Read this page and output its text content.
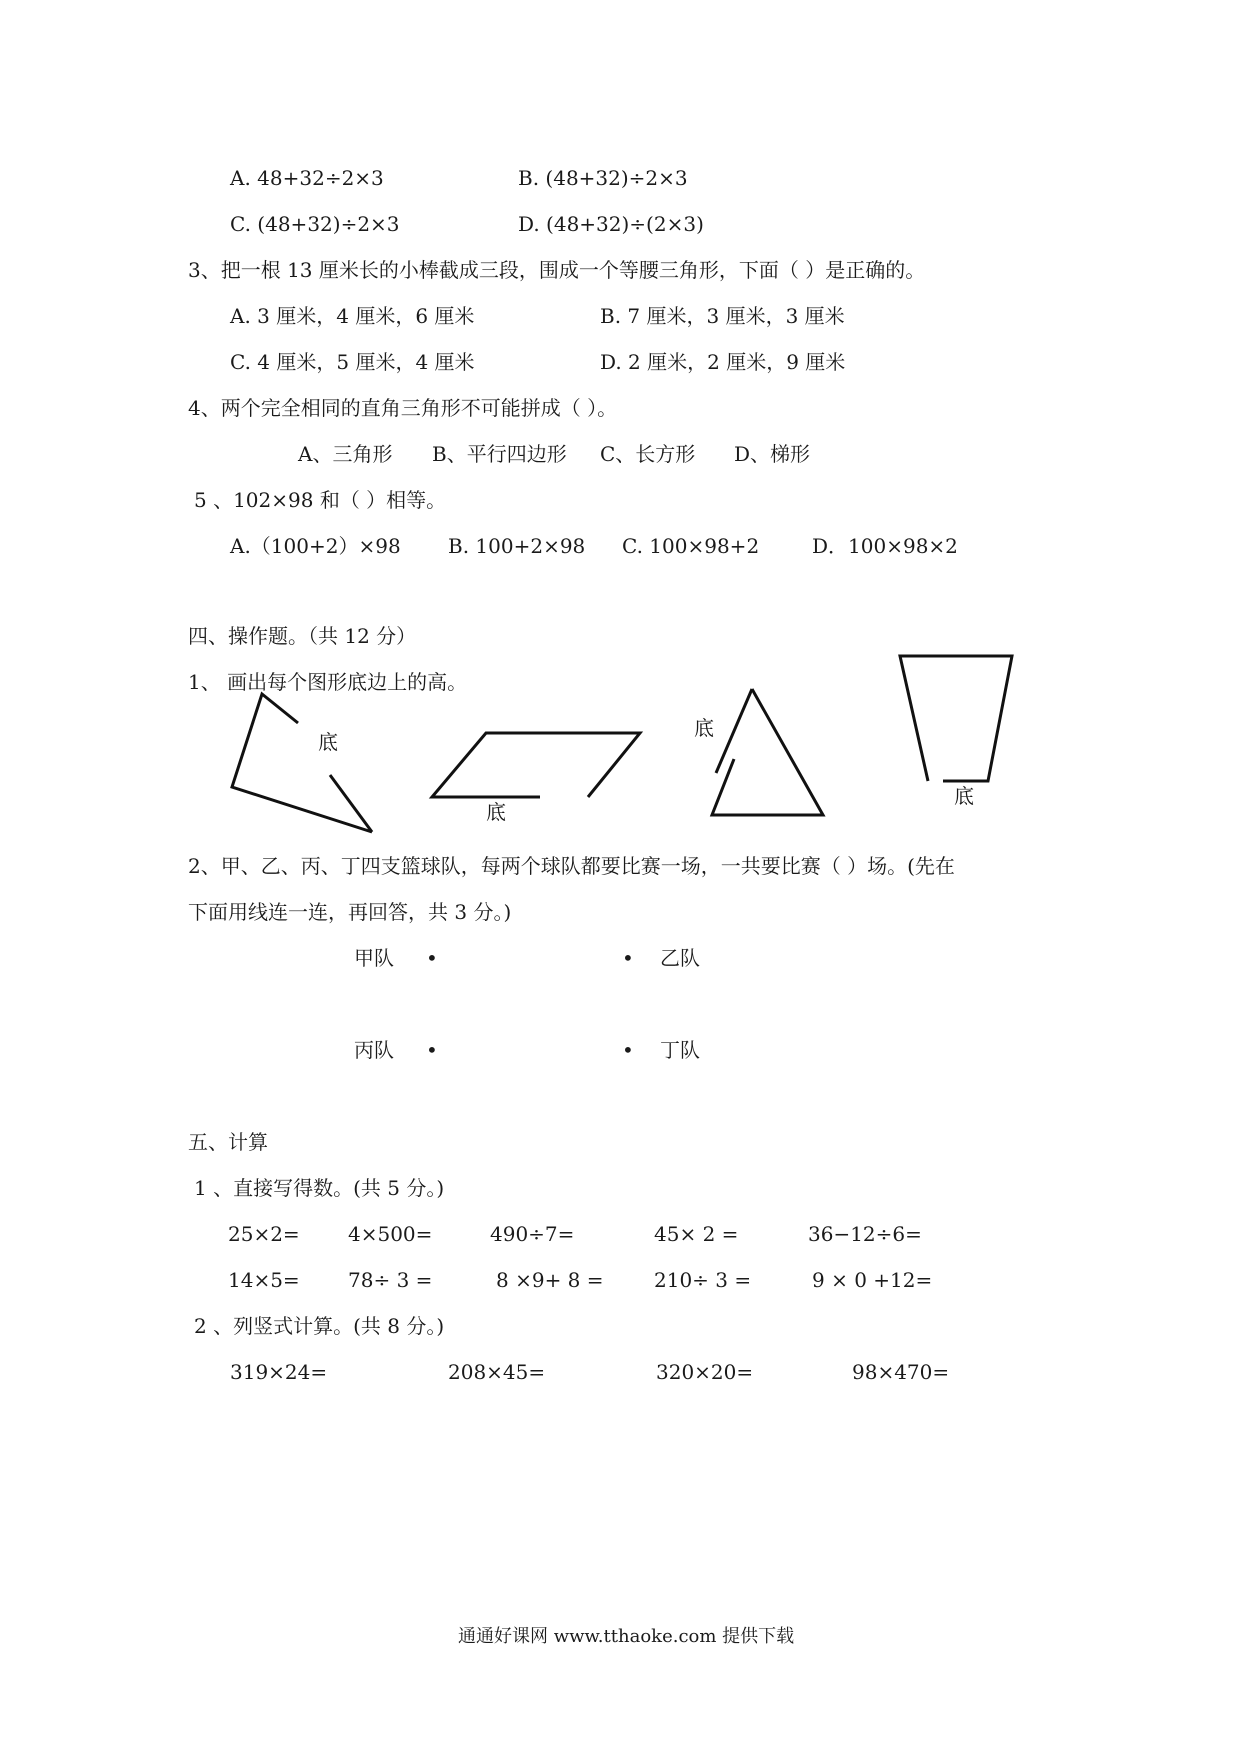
A. 48+32÷2×3	B. (48+32)÷2×3
C. (48+32)÷2×3	D. (48+32)÷(2×3)
3、把一根 13 厘米长的小棒截成三段，围成一个等腰三角形，下面（ ）是正确的。
A. 3 厘米，4 厘米，6 厘米	B. 7 厘米，3 厘米，3 厘米
C. 4 厘米，5 厘米，4 厘米	D. 2 厘米，2 厘米，9 厘米
4、两个完全相同的直角三角形不可能拼成（ ）。
A、三角形 B、平行四边形 C、长方形 D、梯形
5 、102×98 和（ ）相等。
A.（100+2）×98 B. 100+2×98 C. 100×98+2	D．100×98×2
四、操作题。（共 12 分）
1、 画出每个图形底边上的高。
底
底
底
底
2、甲、乙、丙、丁四支篮球队，每两个球队都要比赛一场，一共要比赛（ ）场。(先在
下面用线连一连，再回答，共 3 分。)
甲队 •	• 乙队
丙队 •	• 丁队
五、计算
1 、直接写得数。(共 5 分。)
25×2= 4×500=	490÷7=	45× 2 =	36−12÷6=
14×5= 78÷ 3 =	8 ×9+ 8 =	210÷ 3 =	9 × 0 +12=
2 、列竖式计算。(共 8 分。)
319×24=	208×45=	320×20=	98×470=
通通好课网 www.tthaoke.com 提供下载
